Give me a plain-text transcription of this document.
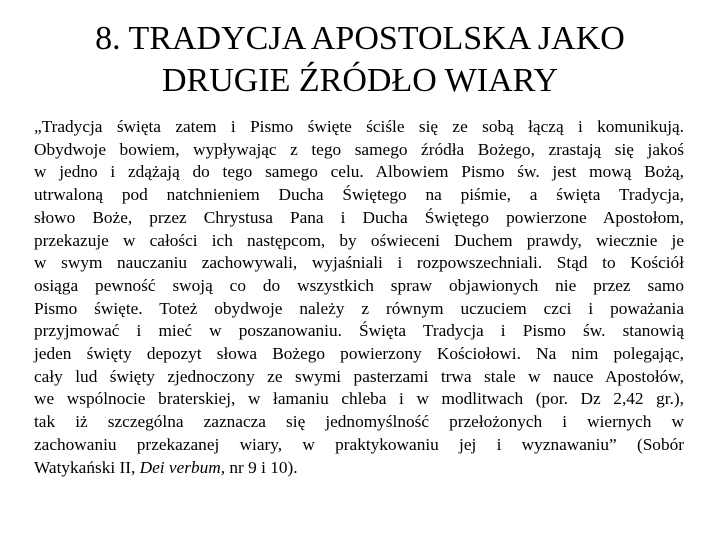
8. TRADYCJA APOSTOLSKA JAKO
DRUGIE ŹRÓDŁO WIARY
„Tradycja święta zatem i Pismo święte ściśle się ze sobą łączą i komunikują.
Obydwoje bowiem, wypływając z tego samego źródła Bożego, zrastają się jakoś
w jedno i zdążają do tego samego celu. Albowiem Pismo św. jest mową Bożą,
utrwaloną pod natchnieniem Ducha Świętego na piśmie, a święta Tradycja,
słowo Boże, przez Chrystusa Pana i Ducha Świętego powierzone Apostołom,
przekazuje w całości ich następcom, by oświeceni Duchem prawdy, wiecznie je
w swym nauczaniu zachowywali, wyjaśniali i rozpowszechniali. Stąd to Kościół
osiąga pewność swoją co do wszystkich spraw objawionych nie przez samo
Pismo święte. Toteż obydwoje należy z równym uczuciem czci i poważania
przyjmować i mieć w poszanowaniu. Święta Tradycja i Pismo św. stanowią
jeden święty depozyt słowa Bożego powierzony Kościołowi. Na nim polegając,
cały lud święty zjednoczony ze swymi pasterzami trwa stale w nauce Apostołów,
we wspólnocie braterskiej, w łamaniu chleba i w modlitwach (por. Dz 2,42 gr.),
tak iż szczególna zaznacza się jednomyślność przełożonych i wiernych w
zachowaniu przekazanej wiary, w praktykowaniu jej i wyznawaniu” (Sobór
Watykański II, Dei verbum, nr 9 i 10).
